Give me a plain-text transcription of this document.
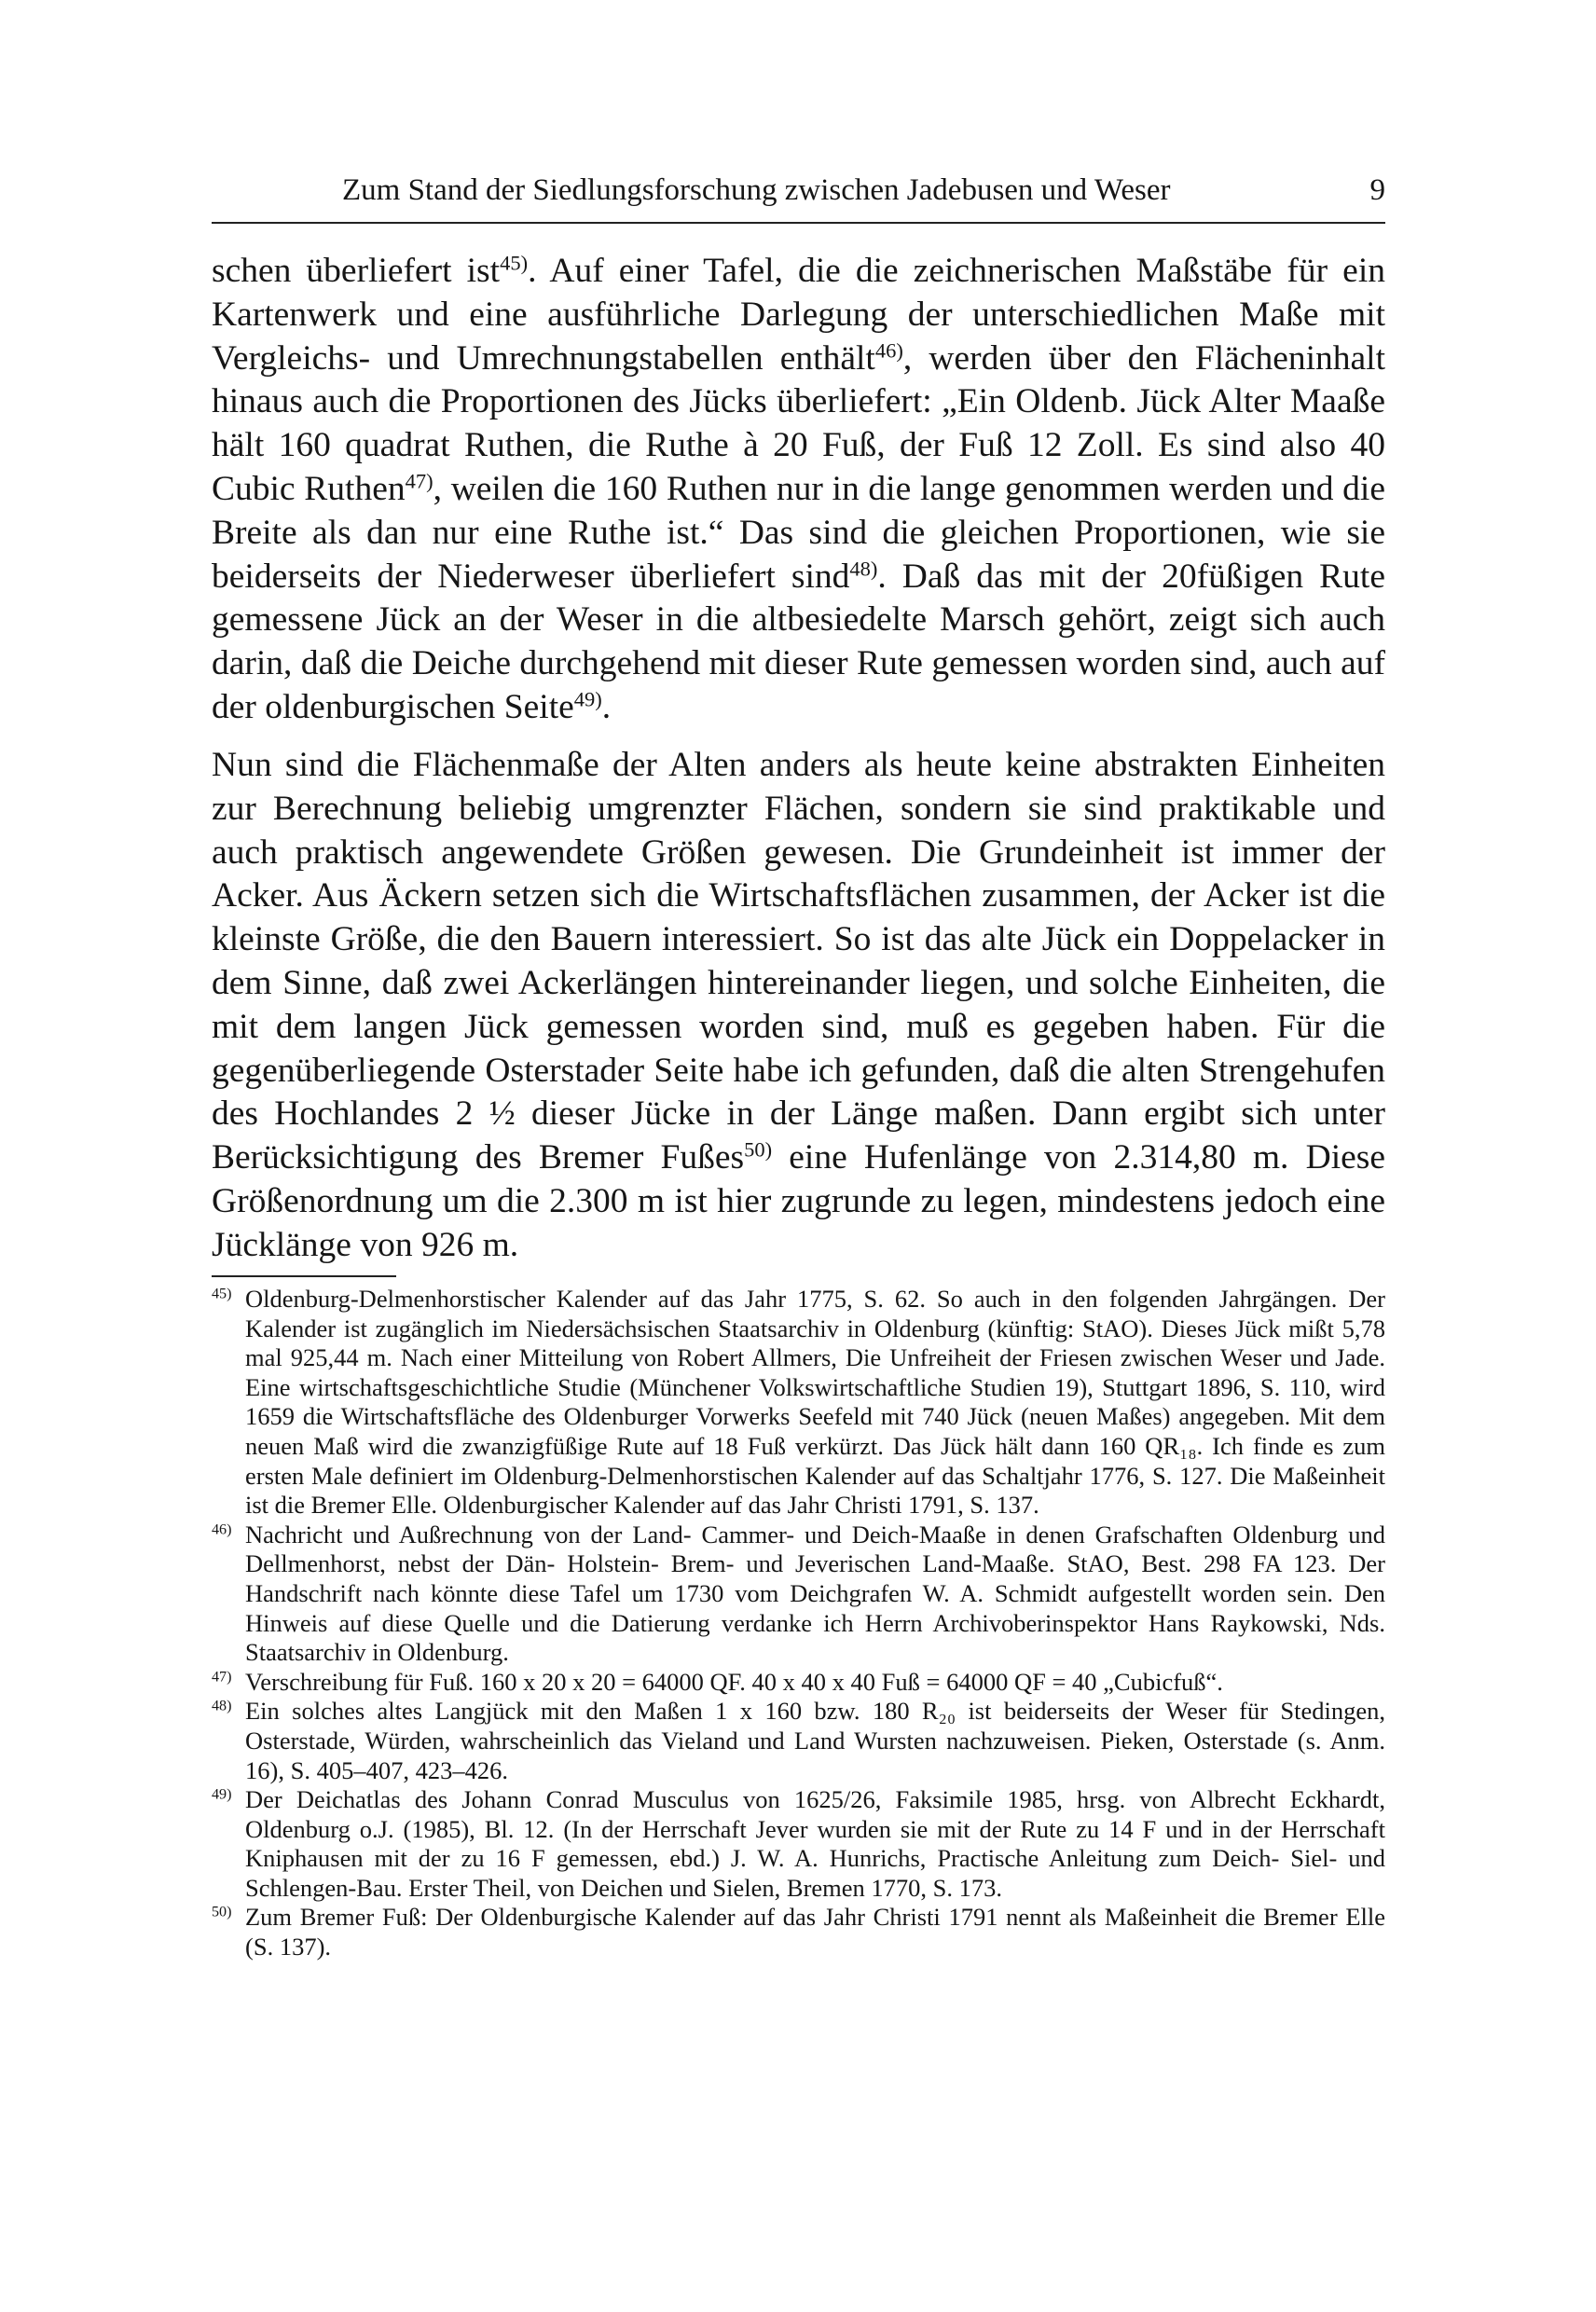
Zum Stand der Siedlungsforschung zwischen Jadebusen und Weser	9

schen überliefert ist$^{45)}$. Auf einer Tafel, die die zeichnerischen Maßstäbe für ein Kartenwerk und eine ausführliche Darlegung der unterschiedlichen Maße mit Vergleichs- und Umrechnungstabellen enthält$^{46)}$, werden über den Flächeninhalt hinaus auch die Proportionen des Jücks überliefert: „Ein Oldenb. Jück Alter Maaße hält 160 quadrat Ruthen, die Ruthe à 20 Fuß, der Fuß 12 Zoll. Es sind also 40 Cubic Ruthen$^{47)}$, weilen die 160 Ruthen nur in die lange genommen werden und die Breite als dan nur eine Ruthe ist.“ Das sind die gleichen Proportionen, wie sie beiderseits der Niederweser überliefert sind$^{48)}$. Daß das mit der 20füßigen Rute gemessene Jück an der Weser in die altbesiedelte Marsch gehört, zeigt sich auch darin, daß die Deiche durchgehend mit dieser Rute gemessen worden sind, auch auf der oldenburgischen Seite$^{49)}$.

Nun sind die Flächenmaße der Alten anders als heute keine abstrakten Einheiten zur Berechnung beliebig umgrenzter Flächen, sondern sie sind praktikable und auch praktisch angewendete Größen gewesen. Die Grundeinheit ist immer der Acker. Aus Äckern setzen sich die Wirtschaftsflächen zusammen, der Acker ist die kleinste Größe, die den Bauern interessiert. So ist das alte Jück ein Doppelacker in dem Sinne, daß zwei Ackerlängen hintereinander liegen, und solche Einheiten, die mit dem langen Jück gemessen worden sind, muß es gegeben haben. Für die gegenüberliegende Osterstader Seite habe ich gefunden, daß die alten Strengehufen des Hochlandes 2 ½ dieser Jücke in der Länge maßen. Dann ergibt sich unter Berücksichtigung des Bremer Fußes$^{50)}$ eine Hufenlänge von 2.314,80 m. Diese Größenordnung um die 2.300 m ist hier zugrunde zu legen, mindestens jedoch eine Jücklänge von 926 m.

$^{45)}$ Oldenburg-Delmenhorstischer Kalender auf das Jahr 1775, S. 62. So auch in den folgenden Jahrgängen. Der Kalender ist zugänglich im Niedersächsischen Staatsarchiv in Oldenburg (künftig: StAO). Dieses Jück mißt 5,78 mal 925,44 m. Nach einer Mitteilung von Robert Allmers, Die Unfreiheit der Friesen zwischen Weser und Jade. Eine wirtschaftsgeschichtliche Studie (Münchener Volkswirtschaftliche Studien 19), Stuttgart 1896, S. 110, wird 1659 die Wirtschaftsfläche des Oldenburger Vorwerks Seefeld mit 740 Jück (neuen Maßes) angegeben. Mit dem neuen Maß wird die zwanzigfüßige Rute auf 18 Fuß verkürzt. Das Jück hält dann 160 QR₁₈. Ich finde es zum ersten Male definiert im Oldenburg-Delmenhorstischen Kalender auf das Schaltjahr 1776, S. 127. Die Maßeinheit ist die Bremer Elle. Oldenburgischer Kalender auf das Jahr Christi 1791, S. 137.
$^{46)}$ Nachricht und Außrechnung von der Land- Cammer- und Deich-Maaße in denen Grafschaften Oldenburg und Dellmenhorst, nebst der Dän- Holstein- Brem- und Jeverischen Land-Maaße. StAO, Best. 298 FA 123. Der Handschrift nach könnte diese Tafel um 1730 vom Deichgrafen W. A. Schmidt aufgestellt worden sein. Den Hinweis auf diese Quelle und die Datierung verdanke ich Herrn Archivoberinspektor Hans Raykowski, Nds. Staatsarchiv in Oldenburg.
$^{47)}$ Verschreibung für Fuß. 160 x 20 x 20 = 64000 QF. 40 x 40 x 40 Fuß = 64000 QF = 40 „Cubicfuß“.
$^{48)}$ Ein solches altes Langjück mit den Maßen 1 x 160 bzw. 180 R₂₀ ist beiderseits der Weser für Stedingen, Osterstade, Würden, wahrscheinlich das Vieland und Land Wursten nachzuweisen. Pieken, Osterstade (s. Anm. 16), S. 405–407, 423–426.
$^{49)}$ Der Deichatlas des Johann Conrad Musculus von 1625/26, Faksimile 1985, hrsg. von Albrecht Eckhardt, Oldenburg o.J. (1985), Bl. 12. (In der Herrschaft Jever wurden sie mit der Rute zu 14 F und in der Herrschaft Kniphausen mit der zu 16 F gemessen, ebd.) J. W. A. Hunrichs, Practische Anleitung zum Deich- Siel- und Schlengen-Bau. Erster Theil, von Deichen und Sielen, Bremen 1770, S. 173.
$^{50)}$ Zum Bremer Fuß: Der Oldenburgische Kalender auf das Jahr Christi 1791 nennt als Maßeinheit die Bremer Elle (S. 137).
